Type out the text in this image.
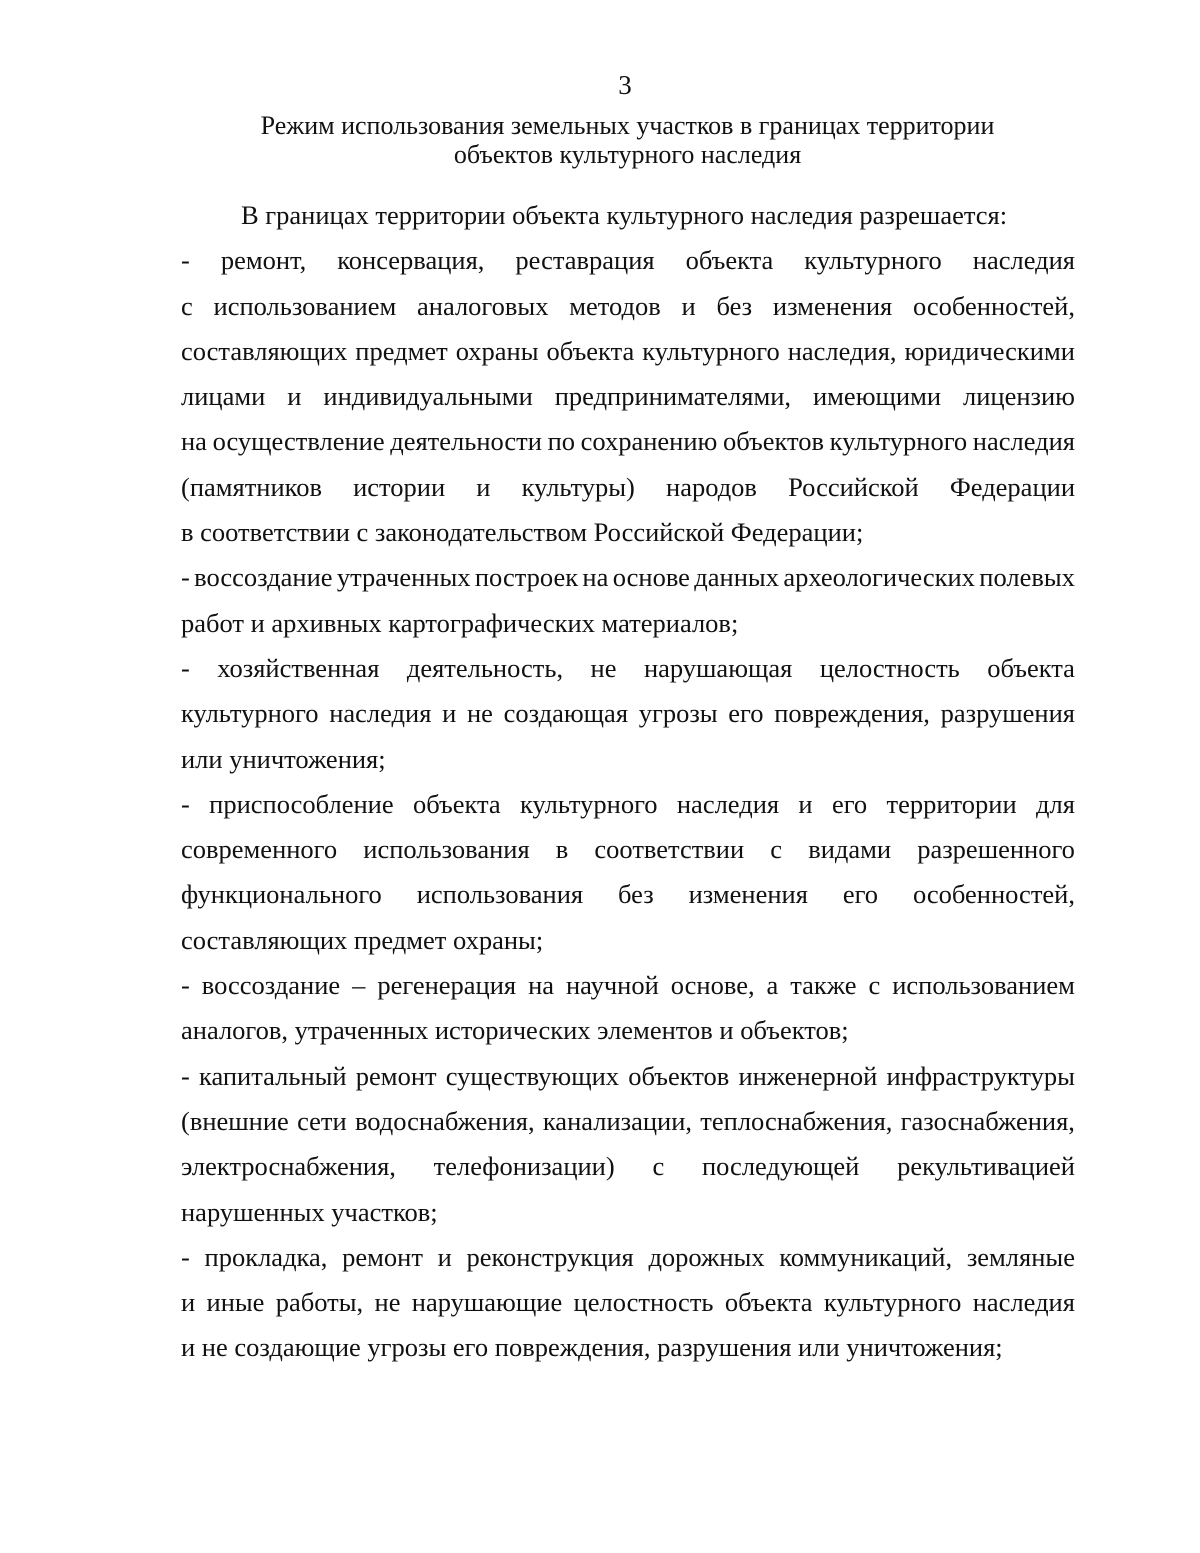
3
Режим использования земельных участков в границах территории
объектов культурного наследия
В границах территории объекта культурного наследия разрешается:
- ремонт, консервация, реставрация объекта культурного наследия
с использованием аналоговых методов и без изменения особенностей,
составляющих предмет охраны объекта культурного наследия, юридическими
лицами и индивидуальными предпринимателями, имеющими лицензию
на осуществление деятельности по сохранению объектов культурного наследия
(памятников истории и культуры) народов Российской Федерации
в соответствии с законодательством Российской Федерации;
- воссоздание утраченных построек на основе данных археологических полевых
работ и архивных картографических материалов;
- хозяйственная деятельность, не нарушающая целостность объекта
культурного наследия и не создающая угрозы его повреждения, разрушения
или уничтожения;
- приспособление объекта культурного наследия и его территории для
современного использования в соответствии с видами разрешенного
функционального использования без изменения его особенностей,
составляющих предмет охраны;
- воссоздание – регенерация на научной основе, а также с использованием
аналогов, утраченных исторических элементов и объектов;
- капитальный ремонт существующих объектов инженерной инфраструктуры
(внешние сети водоснабжения, канализации, теплоснабжения, газоснабжения,
электроснабжения, телефонизации) с последующей рекультивацией
нарушенных участков;
- прокладка, ремонт и реконструкция дорожных коммуникаций, земляные
и иные работы, не нарушающие целостность объекта культурного наследия
и не создающие угрозы его повреждения, разрушения или уничтожения;
